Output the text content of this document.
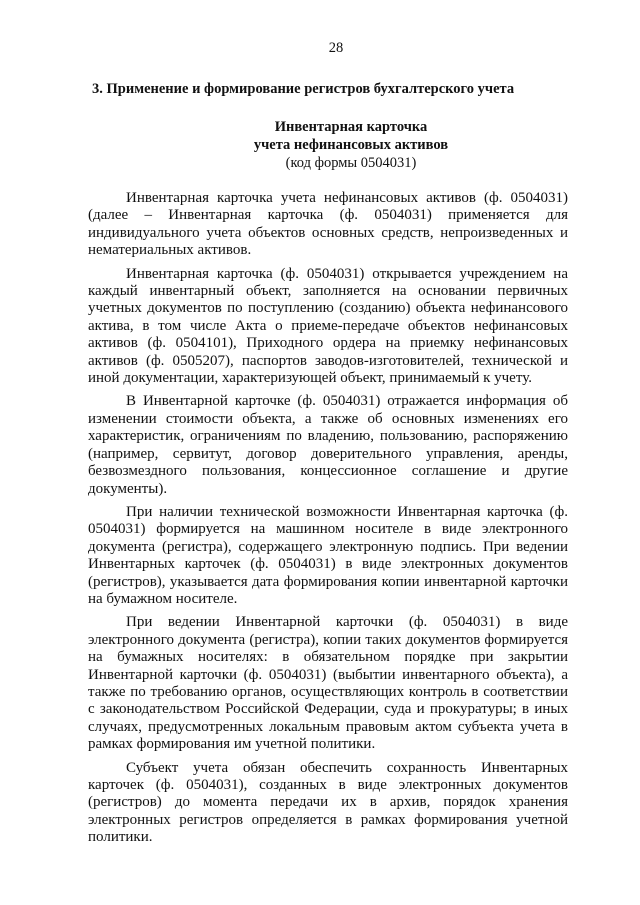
28
3. Применение и формирование регистров бухгалтерского учета
Инвентарная карточка
учета нефинансовых активов
(код формы 0504031)

Инвентарная карточка учета нефинансовых активов (ф. 0504031) (далее – Инвентарная карточка (ф. 0504031) применяется для индивидуального учета объектов основных средств, непроизведенных и нематериальных активов.

Инвентарная карточка (ф. 0504031) открывается учреждением на каждый инвентарный объект, заполняется на основании первичных учетных документов по поступлению (созданию) объекта нефинансового актива, в том числе Акта о приеме-передаче объектов нефинансовых активов (ф. 0504101), Приходного ордера на приемку нефинансовых активов (ф. 0505207), паспортов заводов-изготовителей, технической и иной документации, характеризующей объект, принимаемый к учету.

В Инвентарной карточке (ф. 0504031) отражается информация об изменении стоимости объекта, а также об основных изменениях его характеристик, ограничениям по владению, пользованию, распоряжению (например, сервитут, договор доверительного управления, аренды, безвозмездного пользования, концессионное соглашение и другие документы).

При наличии технической возможности Инвентарная карточка (ф. 0504031) формируется на машинном носителе в виде электронного документа (регистра), содержащего электронную подпись. При ведении Инвентарных карточек (ф. 0504031) в виде электронных документов (регистров), указывается дата формирования копии инвентарной карточки на бумажном носителе.

При ведении Инвентарной карточки (ф. 0504031) в виде электронного документа (регистра), копии таких документов формируется на бумажных носителях: в обязательном порядке при закрытии Инвентарной карточки (ф. 0504031) (выбытии инвентарного объекта), а также по требованию органов, осуществляющих контроль в соответствии с законодательством Российской Федерации, суда и прокуратуры; в иных случаях, предусмотренных локальным правовым актом субъекта учета в рамках формирования им учетной политики.

Субъект учета обязан обеспечить сохранность Инвентарных карточек (ф. 0504031), созданных в виде электронных документов (регистров) до момента передачи их в архив, порядок хранения электронных регистров определяется в рамках формирования учетной политики.
